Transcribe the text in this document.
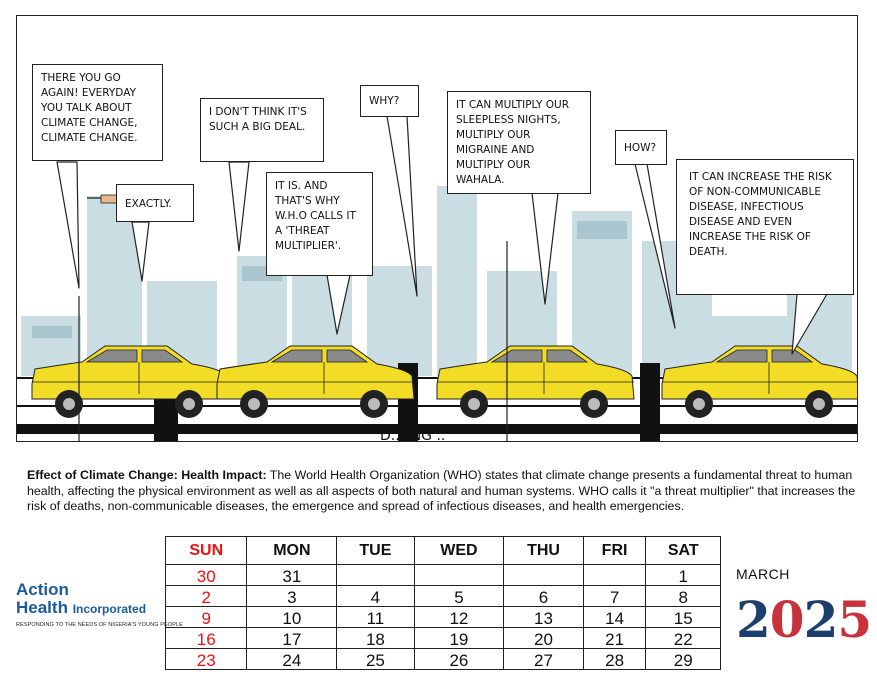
D..ONG ..
THERE YOU GO AGAIN! EVERYDAY YOU TALK ABOUT CLIMATE CHANGE, CLIMATE CHANGE.
EXACTLY.
I DON'T THINK IT'S SUCH A BIG DEAL.
IT IS. AND THAT'S WHY W.H.O CALLS IT A 'THREAT MULTIPLIER'.
WHY?	IT CAN MULTIPLY OUR SLEEPLESS NIGHTS, MULTIPLY OUR MIGRAINE AND MULTIPLY OUR WAHALA.
HOW?
IT CAN INCREASE THE RISK OF NON-COMMUNICABLE DISEASE, INFECTIOUS DISEASE AND EVEN INCREASE THE RISK OF DEATH.
Effect of Climate Change: Health Impact: The World Health Organization (WHO) states that climate change presents a fundamental threat to human health, affecting the physical environment as well as all aspects of both natural and human systems. WHO calls it "a threat multiplier" that increases the risk of deaths, non-communicable diseases, the emergence and spread of infectious diseases, and health emergencies.
Action
Health Incorporated
RESPONDING TO THE NEEDS OF NIGERIA'S YOUNG PEOPLE
SUN	MON	TUE	WED	THU	FRI	SAT
30	31					1
2	3	4	5	6	7	8
9	10	11	12	13	14	15
16	17	18	19	20	21	22
23	24	25	26	27	28	29
MARCH
2025
